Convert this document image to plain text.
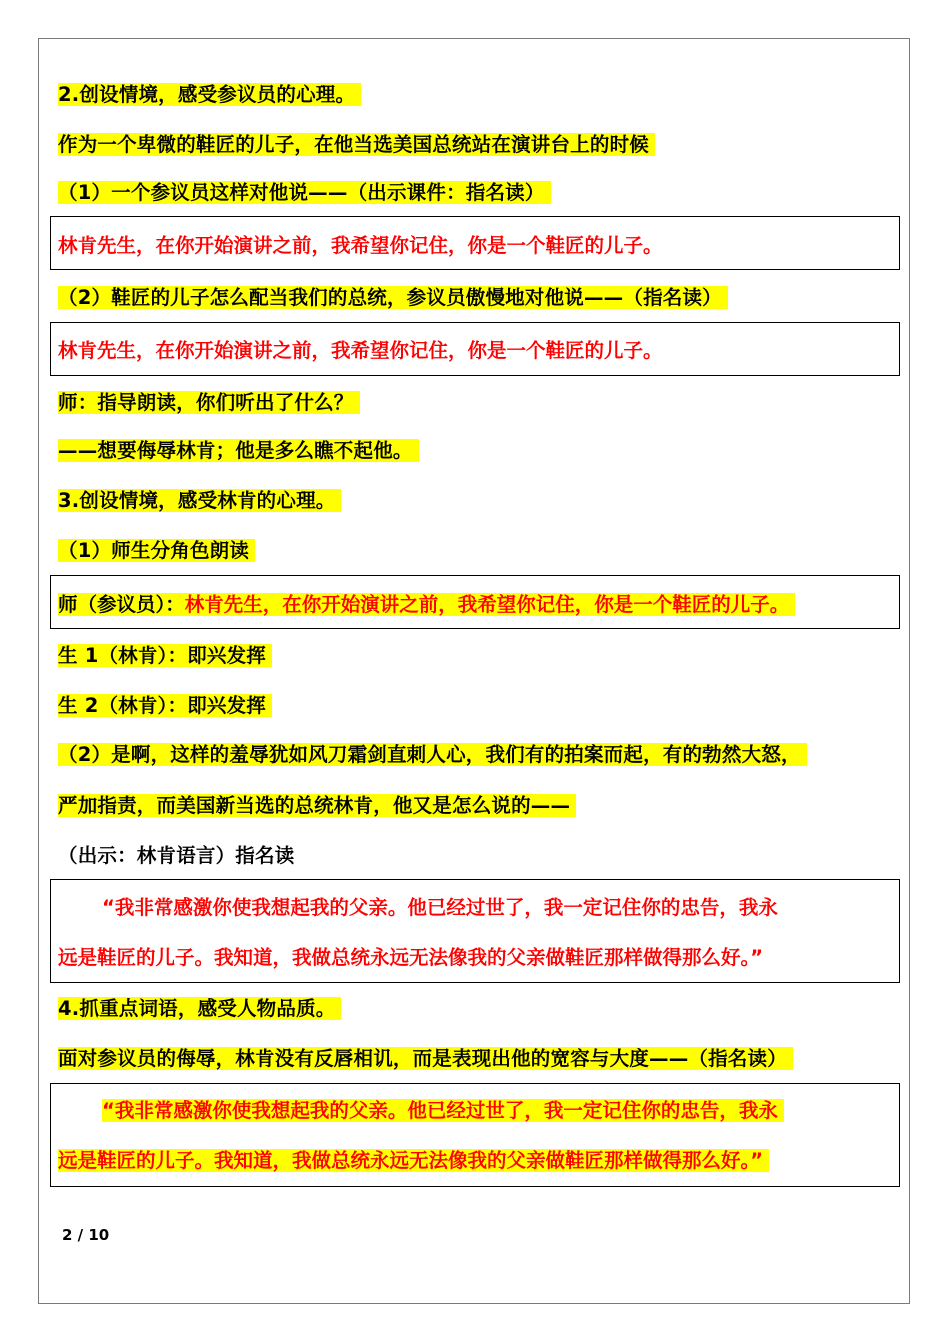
2.创设情境，感受参议员的心理。
作为一个卑微的鞋匠的儿子，在他当选美国总统站在演讲台上的时候
（1）一个参议员这样对他说——（出示课件：指名读）
林肯先生，在你开始演讲之前，我希望你记住，你是一个鞋匠的儿子。
（2）鞋匠的儿子怎么配当我们的总统，参议员傲慢地对他说——（指名读）
林肯先生，在你开始演讲之前，我希望你记住，你是一个鞋匠的儿子。
师：指导朗读，你们听出了什么？
——想要侮辱林肯；他是多么瞧不起他。
3.创设情境，感受林肯的心理。
（1）师生分角色朗读
师（参议员）：林肯先生，在你开始演讲之前，我希望你记住，你是一个鞋匠的儿子。
生 1（林肯）：即兴发挥
生 2（林肯）：即兴发挥
（2）是啊，这样的羞辱犹如风刀霜剑直刺人心，我们有的拍案而起，有的勃然大怒，
严加指责，而美国新当选的总统林肯，他又是怎么说的——
（出示：林肯语言）指名读
“我非常感激你使我想起我的父亲。他已经过世了，我一定记住你的忠告，我永
远是鞋匠的儿子。我知道，我做总统永远无法像我的父亲做鞋匠那样做得那么好。”
4.抓重点词语，感受人物品质。
面对参议员的侮辱，林肯没有反唇相讥，而是表现出他的宽容与大度——（指名读）
“我非常感激你使我想起我的父亲。他已经过世了，我一定记住你的忠告，我永
远是鞋匠的儿子。我知道，我做总统永远无法像我的父亲做鞋匠那样做得那么好。”
2 / 10
